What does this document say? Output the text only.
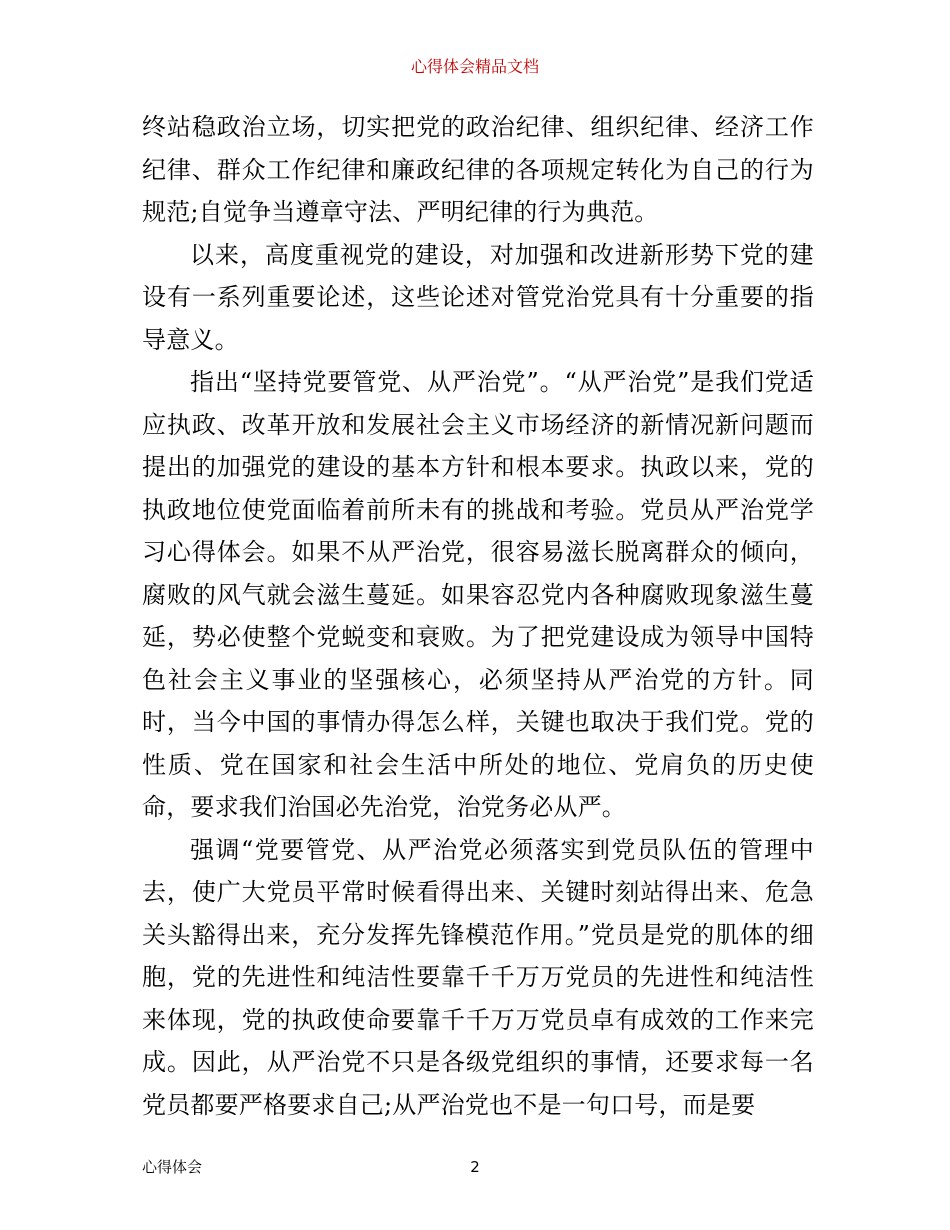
心得体会精品文档

终站稳政治立场，切实把党的政治纪律、组织纪律、经济工作纪律、群众工作纪律和廉政纪律的各项规定转化为自己的行为规范;自觉争当遵章守法、严明纪律的行为典范。

以来，高度重视党的建设，对加强和改进新形势下党的建设有一系列重要论述，这些论述对管党治党具有十分重要的指导意义。

指出“坚持党要管党、从严治党”。“从严治党”是我们党适应执政、改革开放和发展社会主义市场经济的新情况新问题而提出的加强党的建设的基本方针和根本要求。执政以来，党的执政地位使党面临着前所未有的挑战和考验。党员从严治党学习心得体会。如果不从严治党，很容易滋长脱离群众的倾向，腐败的风气就会滋生蔓延。如果容忍党内各种腐败现象滋生蔓延，势必使整个党蜕变和衰败。为了把党建设成为领导中国特色社会主义事业的坚强核心，必须坚持从严治党的方针。同时，当今中国的事情办得怎么样，关键也取决于我们党。党的性质、党在国家和社会生活中所处的地位、党肩负的历史使命，要求我们治国必先治党，治党务必从严。

强调“党要管党、从严治党必须落实到党员队伍的管理中去，使广大党员平常时候看得出来、关键时刻站得出来、危急关头豁得出来，充分发挥先锋模范作用。”党员是党的肌体的细胞，党的先进性和纯洁性要靠千千万万党员的先进性和纯洁性来体现，党的执政使命要靠千千万万党员卓有成效的工作来完成。因此，从严治党不只是各级党组织的事情，还要求每一名党员都要严格要求自己;从严治党也不是一句口号，而是要

心得体会	2
